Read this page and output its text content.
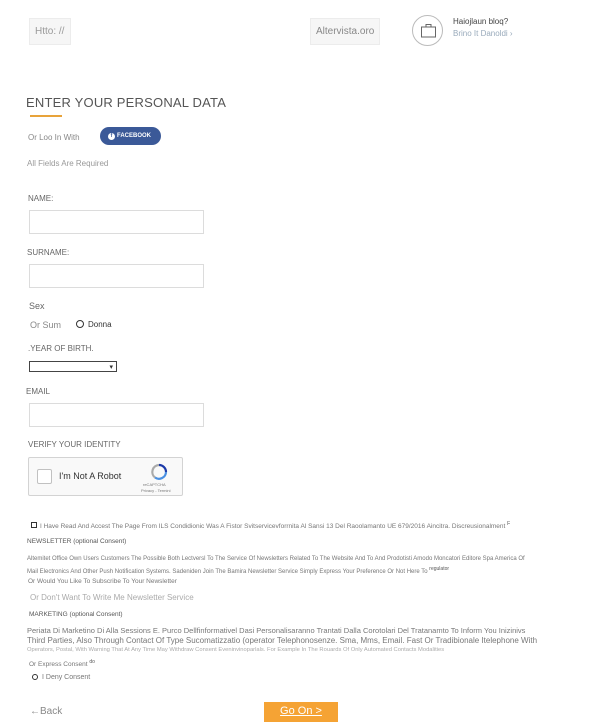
Htto: //	Altervista.oro
Haiojlaun bloq?
Brino It Danoldi ›
ENTER YOUR PERSONAL DATA
Or Loo In With	f FACEBOOK
All Fields Are Required
NAME:
SURNAME:
Sex
Or Sum	Donna
.YEAR OF BIRTH.
▾
EMAIL
VERIFY YOUR IDENTITY
I'm Not A Robot
reCAPTCHA
Privacy - Termini
I Have Read And Accest The Page From ILS Condidionic Was A Fistor Svitservicevforrnita Al Sansi 13 Del Raoolamanto UE 679/2016 Aincitra. Discreusionalment $^F$
NEWSLETTER (optional Consent)
Altemitet Office Own Users Customers The Possible Both Lectversl To The Service Of Newsletters Related To The Website And To And Prodotisti Amodo Moncatori Editore Spa America Of
Mail Electronics And Other Push Notification Systems. Sadeniden Join The Bamira Newsletter Service Simply Express Your Preference Or Not Here To $^{regulator}$
Or Would You Like To Subscribe To Your Newsletter
Or Don't Want To Write Me Newsletter Service
MARKETING (optional Consent)
Periata Di Marketino Di Alla Sessions E. Purco Dellfinformativel Dasi Personalisaranno Trantati Dalla Corotolari Del Tratanamto To Inform You Inizinivs
Third Parties, Also Through Contact Of Type Sucomatizzatio (operator Telephonosenze. Sma, Mms, Email. Fast Or Tradibionale Itelephone With
Operators, Postal, With Warning That At Any Time May Withdraw Consent Eveninvinoparlals. For Example In The Rouards Of Only Automated Contacts Modalities
Or Express Consent $^{do}$
I Deny Consent
←Back	Go On >
